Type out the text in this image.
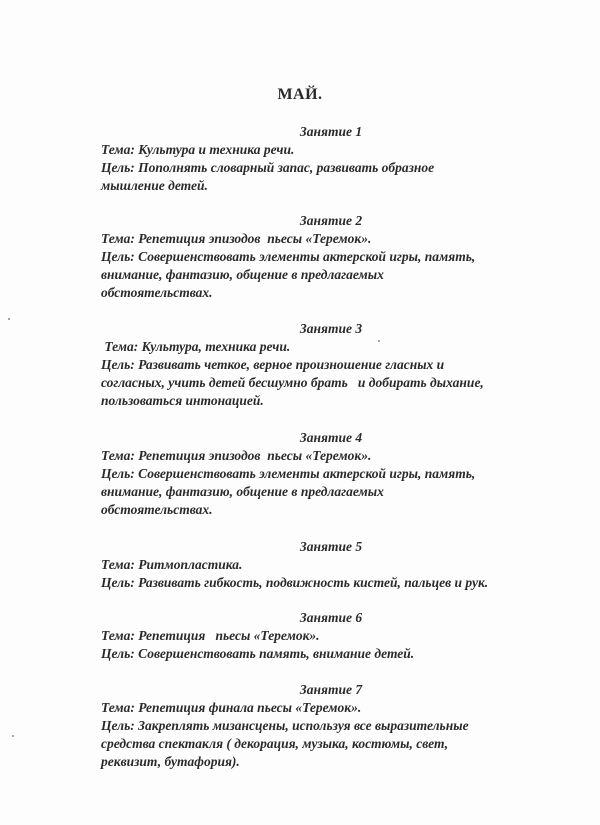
МАЙ.
Занятие 1
Тема: Культура и техника речи.
Цель: Пополнять словарный запас, развивать образное
мышление детей.
Занятие 2
Тема: Репетиция эпизодов  пьесы «Теремок».
Цель: Совершенствовать элементы актерской игры, память,
внимание, фантазию, общение в предлагаемых
обстоятельствах.
Занятие 3
Тема: Культура, техника речи.
Цель: Развивать четкое, верное произношение гласных и
согласных, учить детей бесшумно брать   и добирать дыхание,
пользоваться интонацией.
Занятие 4
Тема: Репетиция эпизодов  пьесы «Теремок».
Цель: Совершенствовать элементы актерской игры, память,
внимание, фантазию, общение в предлагаемых
обстоятельствах.
Занятие 5
Тема: Ритмопластика.
Цель: Развивать гибкость, подвижность кистей, пальцев и рук.
Занятие 6
Тема: Репетиция   пьесы «Теремок».
Цель: Совершенствовать память, внимание детей.
Занятие 7
Тема: Репетиция финала пьесы «Теремок».
Цель: Закреплять мизансцены, используя все выразительные
средства спектакля ( декорация, музыка, костюмы, свет,
реквизит, бутафория).
